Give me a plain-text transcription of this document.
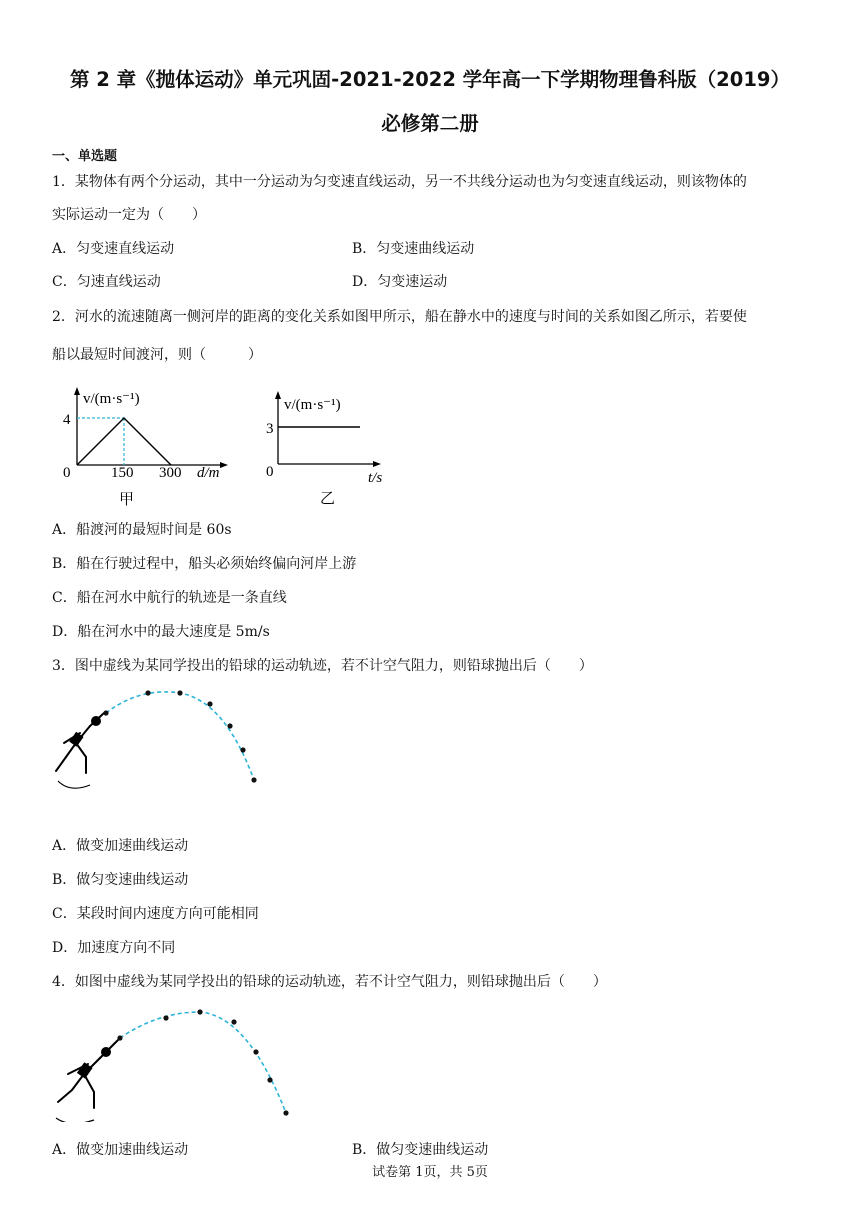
第 2 章《抛体运动》单元巩固-2021-2022 学年高一下学期物理鲁科版（2019）
必修第二册
一、单选题
1．某物体有两个分运动，其中一分运动为匀变速直线运动，另一不共线分运动也为匀变速直线运动，则该物体的
实际运动一定为（　　）
A．匀变速直线运动	B．匀变速曲线运动
C．匀速直线运动	D．匀变速运动
2．河水的流速随离一侧河岸的距离的变化关系如图甲所示，船在静水中的速度与时间的关系如图乙所示，若要使
船以最短时间渡河，则（　　　）
v/(m·s⁻¹)
4
0	150 300 d/m
甲
v/(m·s⁻¹)
3
0	t/s
乙
A．船渡河的最短时间是 60s
B．船在行驶过程中，船头必须始终偏向河岸上游
C．船在河水中航行的轨迹是一条直线
D．船在河水中的最大速度是 5m/s
3．图中虚线为某同学投出的铅球的运动轨迹，若不计空气阻力，则铅球抛出后（　　）
A．做变加速曲线运动
B．做匀变速曲线运动
C．某段时间内速度方向可能相同
D．加速度方向不同
4．如图中虚线为某同学投出的铅球的运动轨迹，若不计空气阻力，则铅球抛出后（　　）
A．做变加速曲线运动	B．做匀变速曲线运动
试卷第 1页，共 5页
